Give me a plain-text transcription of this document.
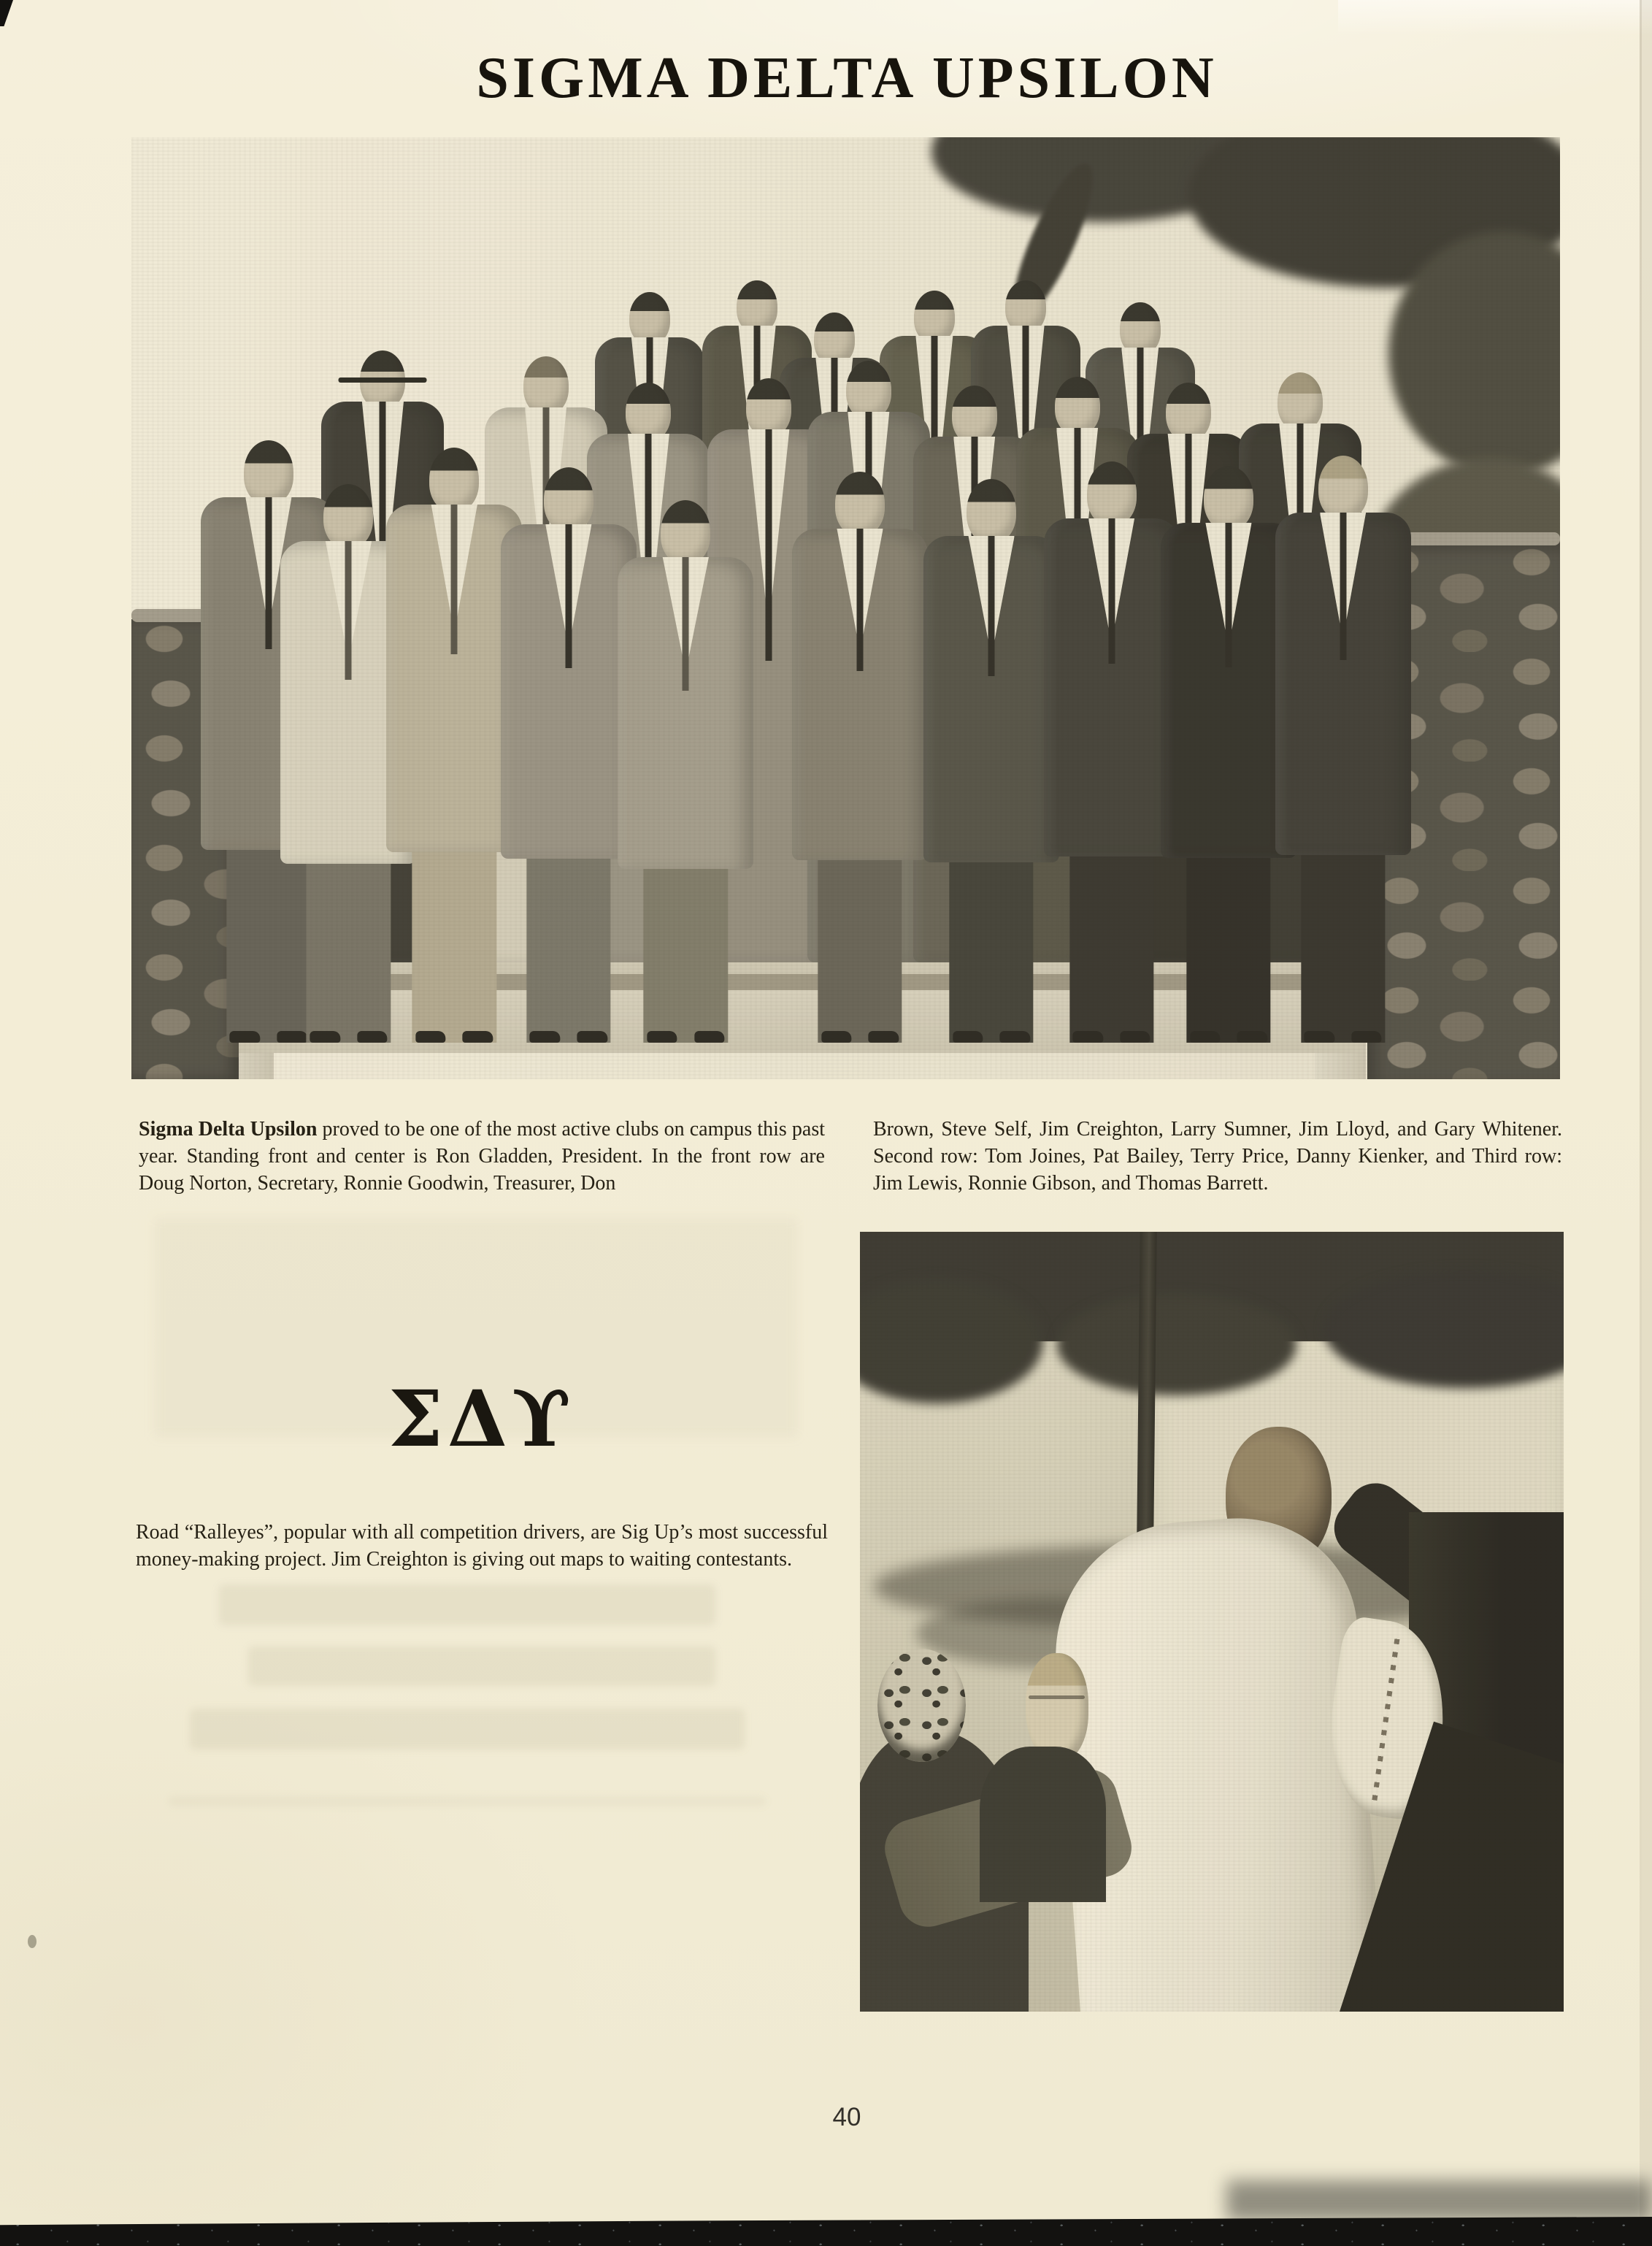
SIGMA DELTA UPSILON

Sigma Delta Upsilon proved to be one of the most active clubs on campus this past year. Standing front and center is Ron Gladden, President. In the front row are Doug Norton, Secretary, Ronnie Goodwin, Treasurer, Don

Brown, Steve Self, Jim Creighton, Larry Sumner, Jim Lloyd, and Gary Whitener. Second row: Tom Joines, Pat Bailey, Terry Price, Danny Kienker, and Third row: Jim Lewis, Ronnie Gibson, and Thomas Barrett.

ΣΔϒ

Road “Ralleyes”, popular with all competition drivers, are Sig Up’s most successful money-making project. Jim Creighton is giving out maps to waiting contestants.

40
